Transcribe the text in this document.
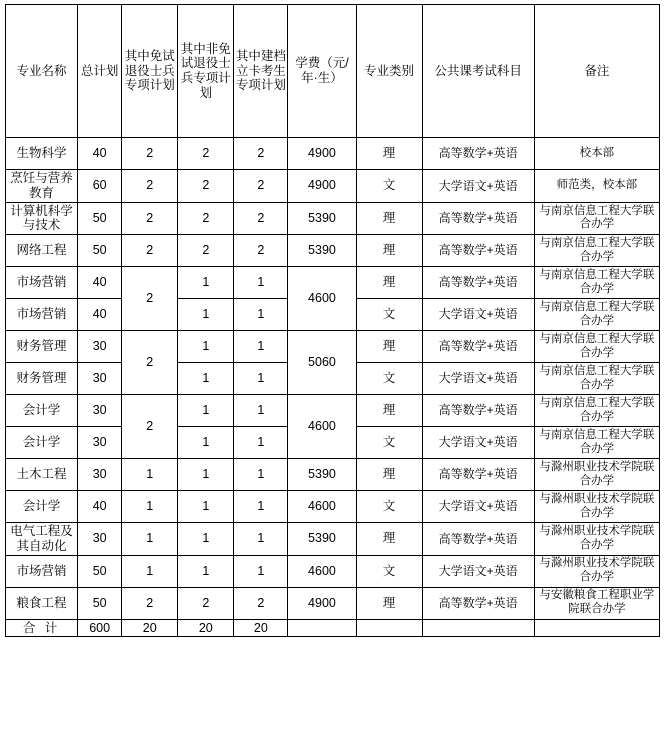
专业名称	总计划	其中免试退役士兵专项计划	其中非免试退役士兵专项计划	其中建档立卡考生专项计划	学费（元/年·生）	专业类别	公共课考试科目	备注
生物科学	40	2	2	2	4900	理	高等数学+英语	校本部
烹饪与营养教育	60	2	2	2	4900	文	大学语文+英语	师范类，校本部
计算机科学与技术	50	2	2	2	5390	理	高等数学+英语	与南京信息工程大学联合办学
网络工程	50	2	2	2	5390	理	高等数学+英语	与南京信息工程大学联合办学
市场营销	40	2	1	1	4600	理	高等数学+英语	与南京信息工程大学联合办学
市场营销	40		1	1		文	大学语文+英语	与南京信息工程大学联合办学
财务管理	30	2	1	1	5060	理	高等数学+英语	与南京信息工程大学联合办学
财务管理	30		1	1		文	大学语文+英语	与南京信息工程大学联合办学
会计学	30	2	1	1	4600	理	高等数学+英语	与南京信息工程大学联合办学
会计学	30		1	1		文	大学语文+英语	与南京信息工程大学联合办学
土木工程	30	1	1	1	5390	理	高等数学+英语	与滁州职业技术学院联合办学
会计学	40	1	1	1	4600	文	大学语文+英语	与滁州职业技术学院联合办学
电气工程及其自动化	30	1	1	1	5390	理	高等数学+英语	与滁州职业技术学院联合办学
市场营销	50	1	1	1	4600	文	大学语文+英语	与滁州职业技术学院联合办学
粮食工程	50	2	2	2	4900	理	高等数学+英语	与安徽粮食工程职业学院联合办学
合 计	600	20	20	20				
